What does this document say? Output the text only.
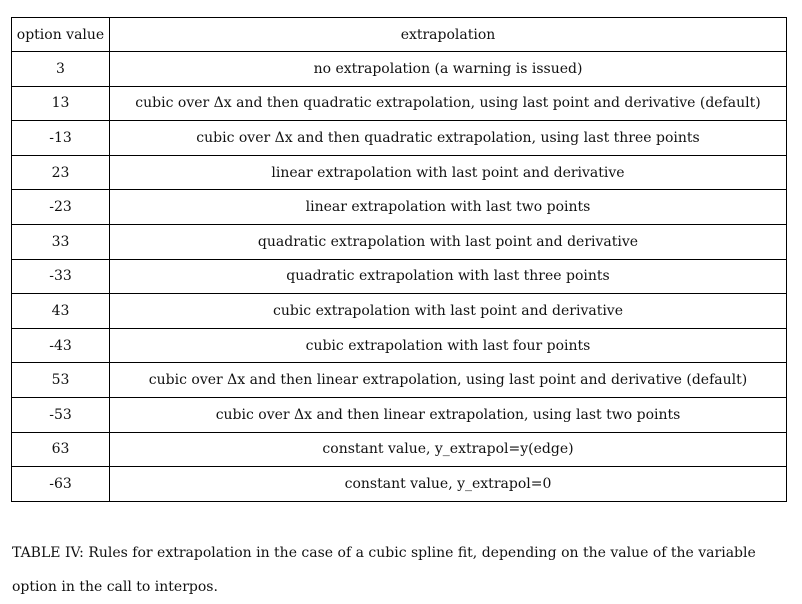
option value	extrapolation
3	no extrapolation (a warning is issued)
13	cubic over Δx and then quadratic extrapolation, using last point and derivative (default)
-13	cubic over Δx and then quadratic extrapolation, using last three points
23	linear extrapolation with last point and derivative
-23	linear extrapolation with last two points
33	quadratic extrapolation with last point and derivative
-33	quadratic extrapolation with last three points
43	cubic extrapolation with last point and derivative
-43	cubic extrapolation with last four points
53	cubic over Δx and then linear extrapolation, using last point and derivative (default)
-53	cubic over Δx and then linear extrapolation, using last two points
63	constant value, y_extrapol=y(edge)
-63	constant value, y_extrapol=0
TABLE IV: Rules for extrapolation in the case of a cubic spline fit, depending on the value of the variable option in the call to interpos.
